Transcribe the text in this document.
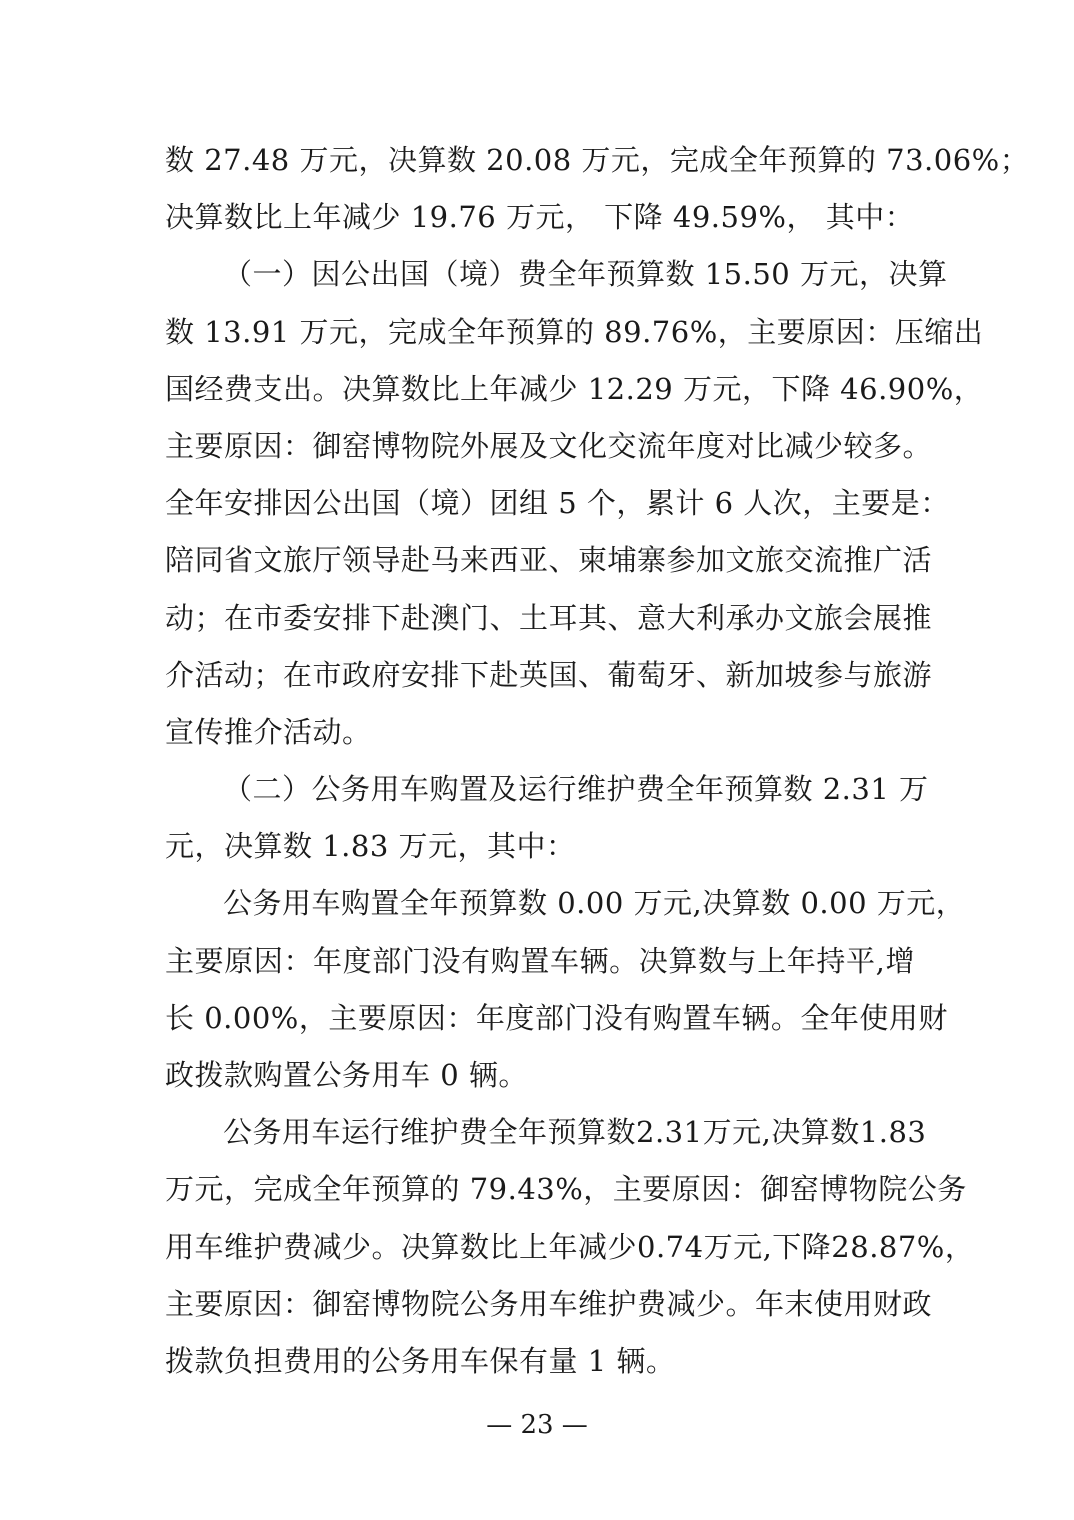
数 27.48 万元，决算数 20.08 万元，完成全年预算的 73.06%；
决算数比上年减少 19.76 万元， 下降 49.59%， 其中：
（一）因公出国（境）费全年预算数 15.50 万元，决算
数 13.91 万元，完成全年预算的 89.76%，主要原因：压缩出
国经费支出。决算数比上年减少 12.29 万元，下降 46.90%，
主要原因：御窑博物院外展及文化交流年度对比减少较多。
全年安排因公出国（境）团组 5 个，累计 6 人次，主要是：
陪同省文旅厅领导赴马来西亚、柬埔寨参加文旅交流推广活
动；在市委安排下赴澳门、土耳其、意大利承办文旅会展推
介活动；在市政府安排下赴英国、葡萄牙、新加坡参与旅游
宣传推介活动。
（二）公务用车购置及运行维护费全年预算数 2.31 万
元，决算数 1.83 万元，其中：
公务用车购置全年预算数 0.00 万元,决算数 0.00 万元，
主要原因：年度部门没有购置车辆。决算数与上年持平,增
长 0.00%，主要原因：年度部门没有购置车辆。全年使用财
政拨款购置公务用车 0 辆。
公务用车运行维护费全年预算数2.31万元,决算数1.83
万元，完成全年预算的 79.43%，主要原因：御窑博物院公务
用车维护费减少。决算数比上年减少0.74万元,下降28.87%，
主要原因：御窑博物院公务用车维护费减少。年末使用财政
拨款负担费用的公务用车保有量 1 辆。
— 23 —
